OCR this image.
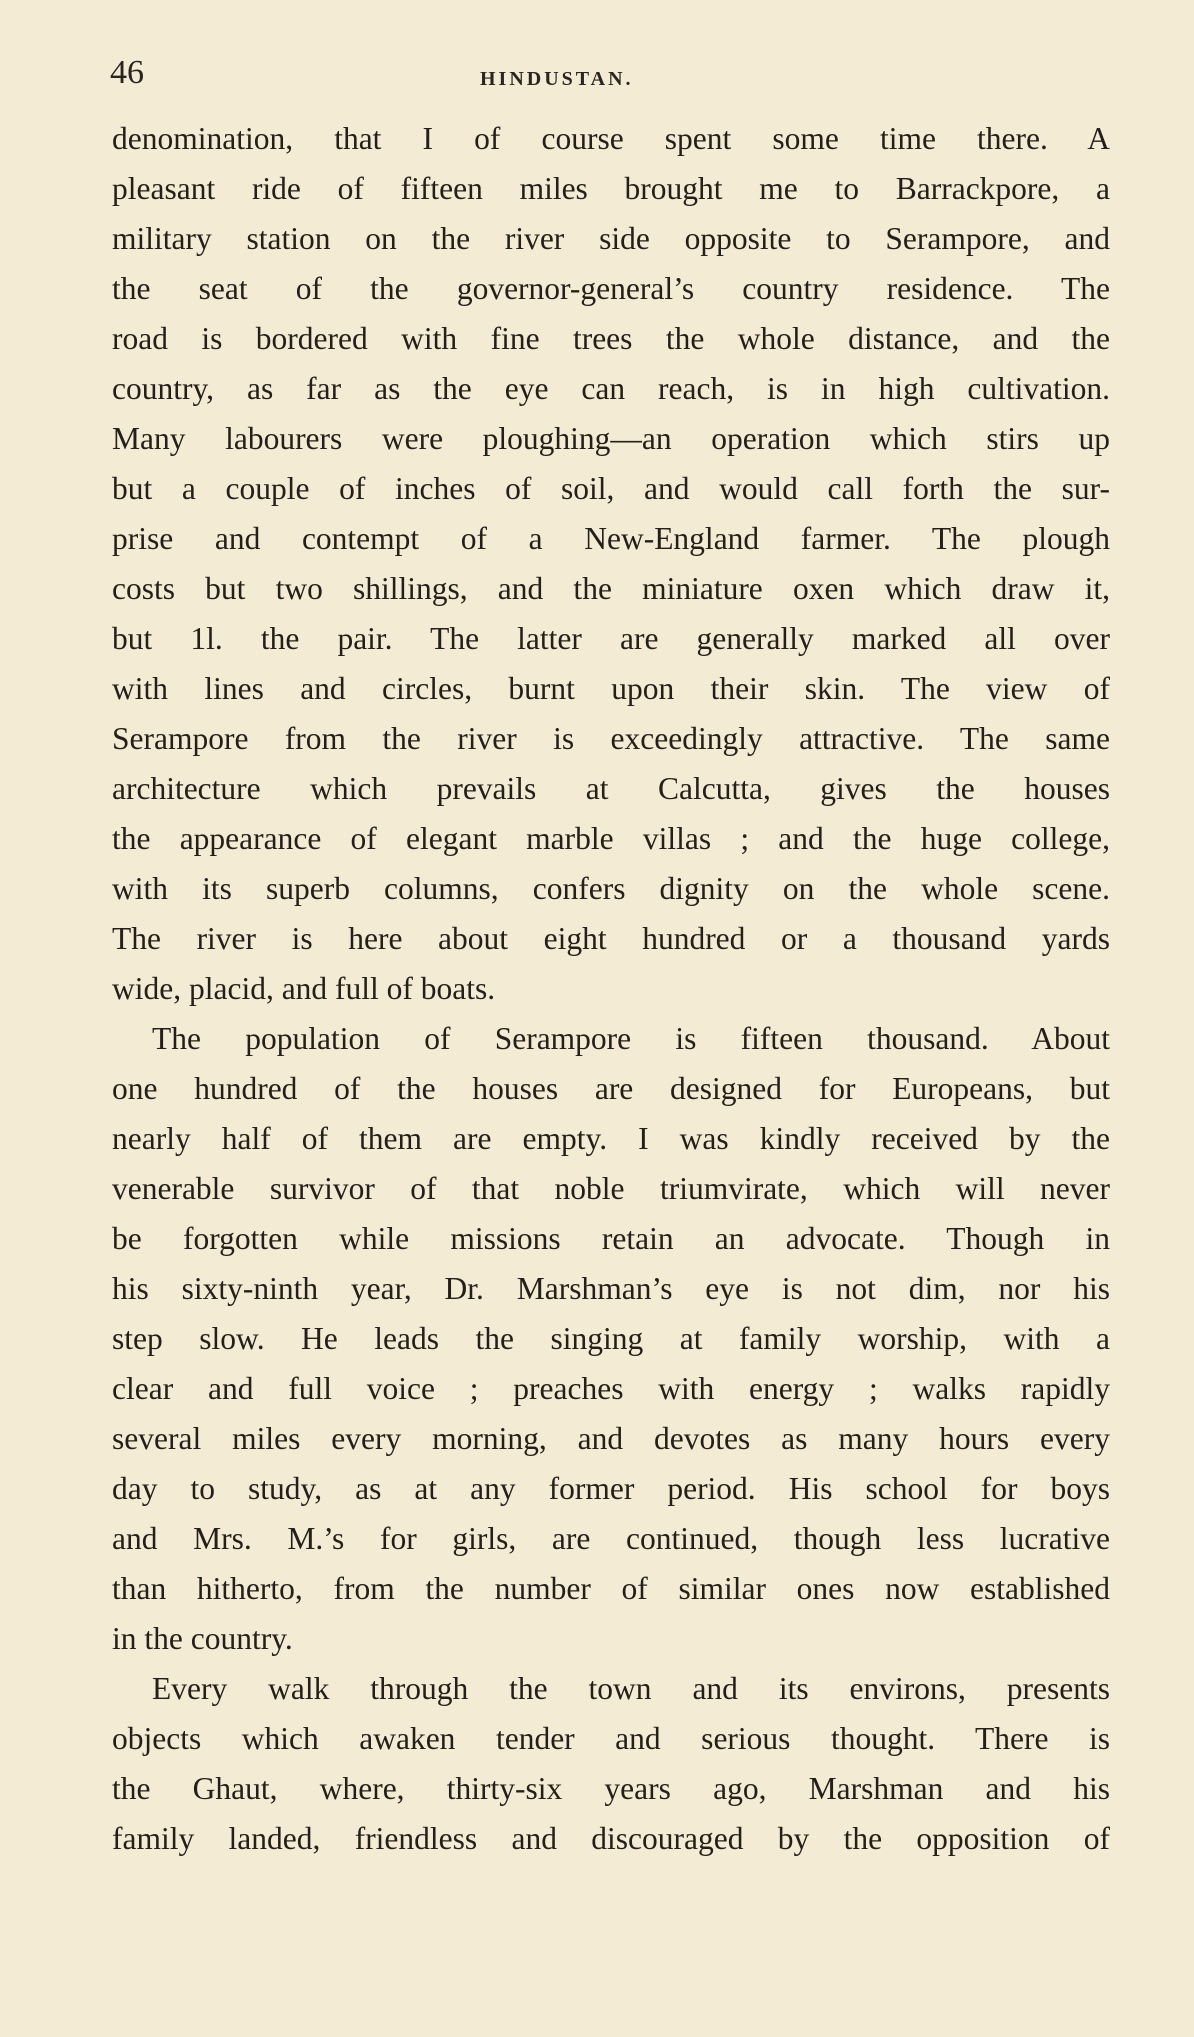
46	HINDUSTAN.
denomination, that I of course spent some time there. A
pleasant ride of fifteen miles brought me to Barrackpore, a
military station on the river side opposite to Serampore, and
the seat of the governor-general’s country residence. The
road is bordered with fine trees the whole distance, and the
country, as far as the eye can reach, is in high cultivation.
Many labourers were ploughing—an operation which stirs up
but a couple of inches of soil, and would call forth the sur-
prise and contempt of a New-England farmer. The plough
costs but two shillings, and the miniature oxen which draw it,
but 1l. the pair. The latter are generally marked all over
with lines and circles, burnt upon their skin. The view of
Serampore from the river is exceedingly attractive. The same
architecture which prevails at Calcutta, gives the houses
the appearance of elegant marble villas ; and the huge college,
with its superb columns, confers dignity on the whole scene.
The river is here about eight hundred or a thousand yards
wide, placid, and full of boats.
The population of Serampore is fifteen thousand. About
one hundred of the houses are designed for Europeans, but
nearly half of them are empty. I was kindly received by the
venerable survivor of that noble triumvirate, which will never
be forgotten while missions retain an advocate. Though in
his sixty-ninth year, Dr. Marshman’s eye is not dim, nor his
step slow. He leads the singing at family worship, with a
clear and full voice ; preaches with energy ; walks rapidly
several miles every morning, and devotes as many hours every
day to study, as at any former period. His school for boys
and Mrs. M.’s for girls, are continued, though less lucrative
than hitherto, from the number of similar ones now established
in the country.
Every walk through the town and its environs, presents
objects which awaken tender and serious thought. There is
the Ghaut, where, thirty-six years ago, Marshman and his
family landed, friendless and discouraged by the opposition of
